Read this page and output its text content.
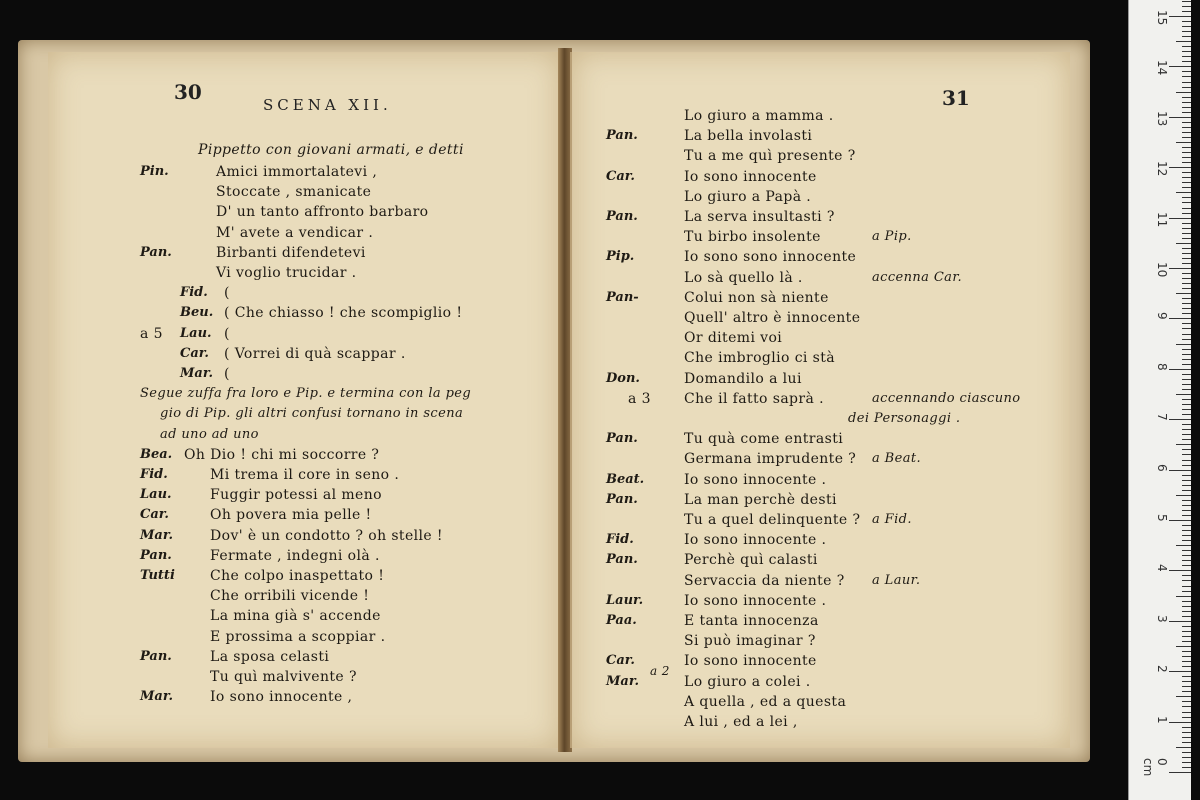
30
SCENA XII.
Pippetto con giovani armati, e detti
Pin.	Amici immortalatevi ,
Stoccate , smanicate
D' un tanto affronto barbaro
M' avete a vendicar .
Pan.	Birbanti difendetevi
Vi voglio trucidar .
a 5
Fid. (
Beu. ( Che chiasso ! che scompiglio !
Lau. (
Car. ( Vorrei di quà scappar .
Mar. (
Segue zuffa fra loro e Pip. e termina con la peg
gio di Pip. gli altri confusi tornano in scena
ad uno ad uno
Bea. Oh Dio ! chi mi soccorre ?
Fid.	Mi trema il core in seno .
Lau.	Fuggir potessi al meno
Car.	Oh povera mia pelle !
Mar.	Dov' è un condotto ? oh stelle !
Pan.	Fermate , indegni olà .
Tutti	Che colpo inaspettato !
Che orribili vicende !
La mina già s' accende
E prossima a scoppiar .
Pan.	La sposa celasti
Tu quì malvivente ?
Mar.	Io sono innocente ,
31
Lo giuro a mamma .
Pan.	La bella involasti
Tu a me quì presente ?
Car.	Io sono innocente
Lo giuro a Papà .
Pan.	La serva insultasti ?
Tu birbo insolente	a Pip.
Pip.	Io sono sono innocente
Lo sà quello là .	accenna Car.
Pan-	Colui non sà niente
Quell' altro è innocente
Or ditemi voi
Che imbroglio ci stà
Don.	Domandilo a lui
a 3 Che il fatto saprà .	accennando ciascuno
dei Personaggi .
Pan.	Tu quà come entrasti
Germana imprudente ? a Beat.
Beat.	Io sono innocente .
Pan.	La man perchè desti
Tu a quel delinquente ? a Fid.
Fid.	Io sono innocente .
Pan.	Perchè quì calasti
Servaccia da niente ? a Laur.
Laur.	Io sono innocente .
Paa.	E tanta innocenza
Si può imaginar ?
Car.	Io sono innocente
Mar.	Lo giuro a colei .
A quella , ed a questa
A lui , ed a lei ,
a 2
0 cm
1
2
3
4
5
6
7
8
9
10
11
12
13
14
15
